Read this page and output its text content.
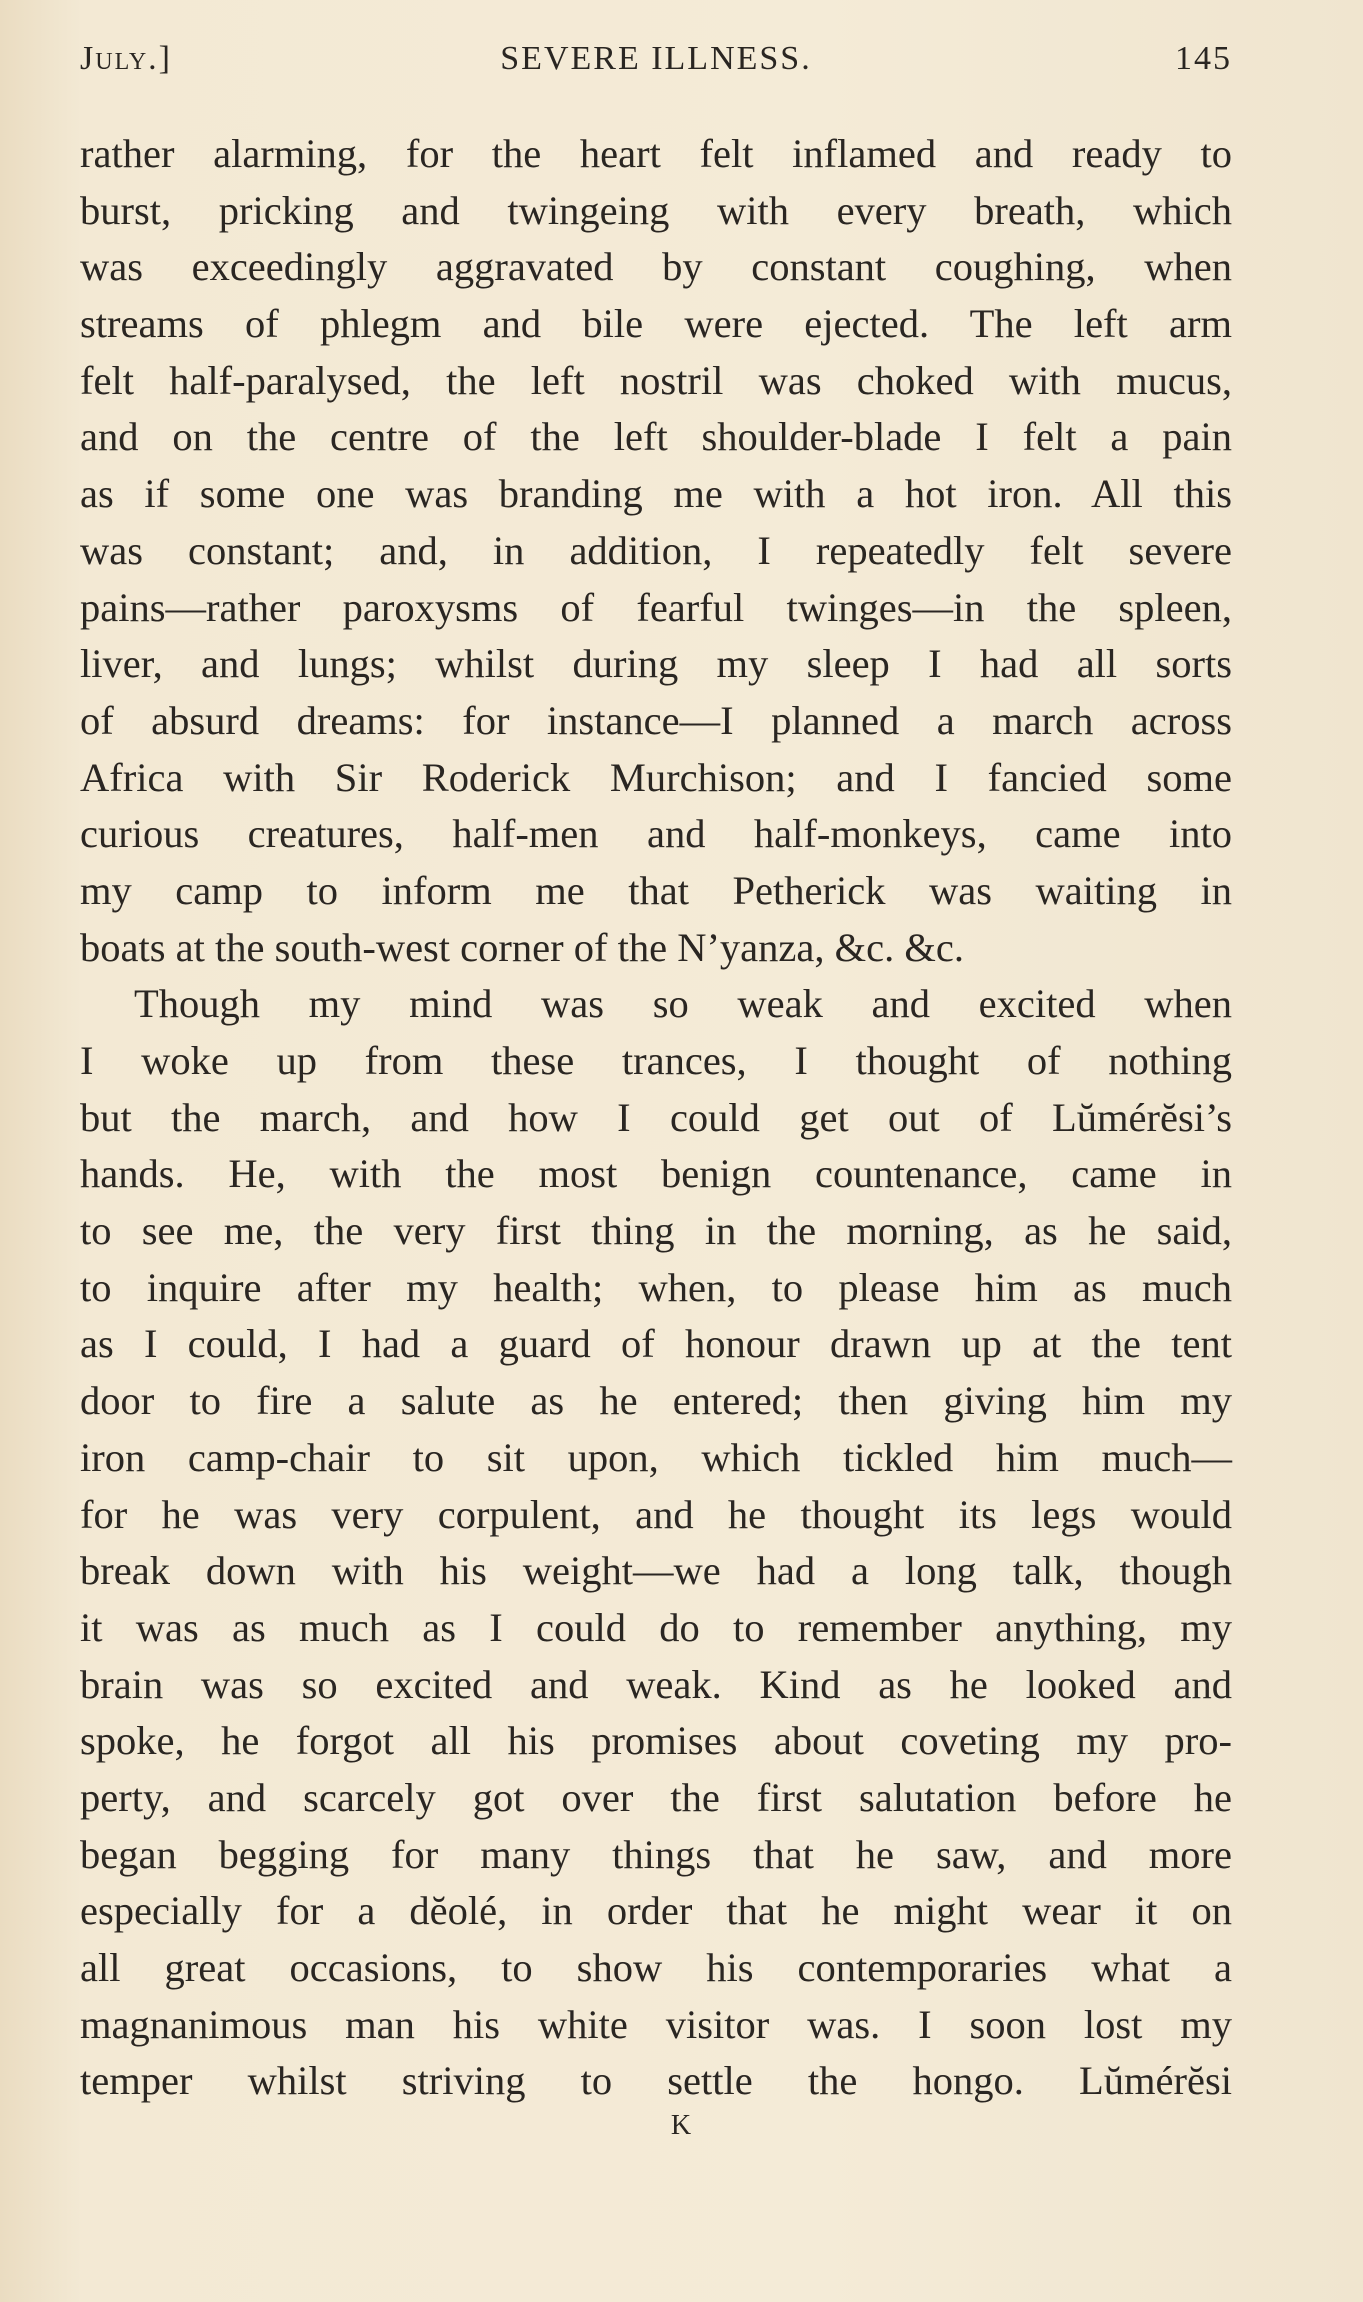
July.]	SEVERE ILLNESS.	145
rather alarming, for the heart felt inflamed and ready to
burst, pricking and twingeing with every breath, which
was exceedingly aggravated by constant coughing, when
streams of phlegm and bile were ejected. The left arm
felt half-paralysed, the left nostril was choked with mucus,
and on the centre of the left shoulder-blade I felt a pain
as if some one was branding me with a hot iron. All this
was constant; and, in addition, I repeatedly felt severe
pains—rather paroxysms of fearful twinges—in the spleen,
liver, and lungs; whilst during my sleep I had all sorts
of absurd dreams: for instance—I planned a march across
Africa with Sir Roderick Murchison; and I fancied some
curious creatures, half-men and half-monkeys, came into
my camp to inform me that Petherick was waiting in
boats at the south-west corner of the N’yanza, &c. &c.
Though my mind was so weak and excited when
I woke up from these trances, I thought of nothing
but the march, and how I could get out of Lŭmérĕsi’s
hands. He, with the most benign countenance, came in
to see me, the very first thing in the morning, as he said,
to inquire after my health; when, to please him as much
as I could, I had a guard of honour drawn up at the tent
door to fire a salute as he entered; then giving him my
iron camp-chair to sit upon, which tickled him much—
for he was very corpulent, and he thought its legs would
break down with his weight—we had a long talk, though
it was as much as I could do to remember anything, my
brain was so excited and weak. Kind as he looked and
spoke, he forgot all his promises about coveting my pro-
perty, and scarcely got over the first salutation before he
began begging for many things that he saw, and more
especially for a dĕolé, in order that he might wear it on
all great occasions, to show his contemporaries what a
magnanimous man his white visitor was. I soon lost my
temper whilst striving to settle the hongo. Lŭmérĕsi
K
